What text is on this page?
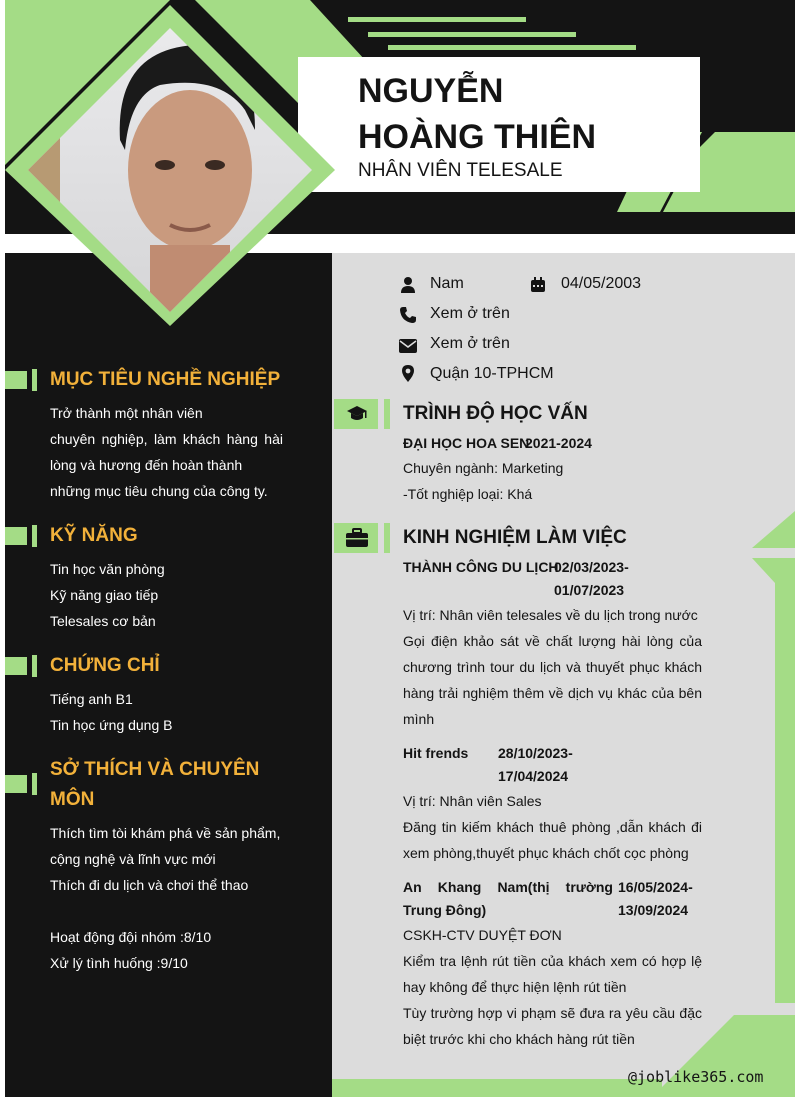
NGUYỄN
HOÀNG THIÊN
NHÂN VIÊN TELESALE
MỤC TIÊU NGHỀ NGHIỆP
Trở thành một nhân viên
chuyên nghiệp, làm khách hàng hài lòng và hương đến hoàn thành
những mục tiêu chung của công ty.
KỸ NĂNG
Tin học văn phòng
Kỹ năng giao tiếp
Telesales cơ bản
CHỨNG CHỈ
Tiếng anh B1
Tin học ứng dụng B
SỞ THÍCH VÀ CHUYÊN MÔN
Thích tìm tòi khám phá về sản phẩm, cộng nghệ và lĩnh vực mới
Thích đi du lịch và chơi thể thao
Hoạt động đội nhóm :8/10
Xử lý tình huống :9/10
Nam	04/05/2003
Xem ở trên
Xem ở trên
Quận 10-TPHCM
TRÌNH ĐỘ HỌC VẤN
ĐẠI HỌC HOA SEN
2021-2024
Chuyên ngành: Marketing
-Tốt nghiệp loại: Khá
KINH NGHIỆM LÀM VIỆC
THÀNH CÔNG DU LỊCH
02/03/2023-
01/07/2023
Vị trí: Nhân viên telesales về du lịch trong nước
Gọi điện khảo sát về chất lượng hài lòng của chương trình tour du lịch và thuyết phục khách hàng trải nghiệm thêm về dịch vụ khác của bên mình
Hit frends 28/10/2023-
17/04/2024
Vị trí: Nhân viên Sales
Đăng tin kiếm khách thuê phòng ,dẫn khách đi xem phòng,thuyết phục khách chốt cọc phòng
An Khang Nam(thị trường Trung Đông)
16/05/2024-
13/09/2024
CSKH-CTV DUYỆT ĐƠN
Kiểm tra lệnh rút tiền của khách xem có hợp lệ hay không để thực hiện lệnh rút tiền
Tùy trường hợp vi phạm sẽ đưa ra yêu cầu đặc biệt trước khi cho khách hàng rút tiền
@joblike365.com
